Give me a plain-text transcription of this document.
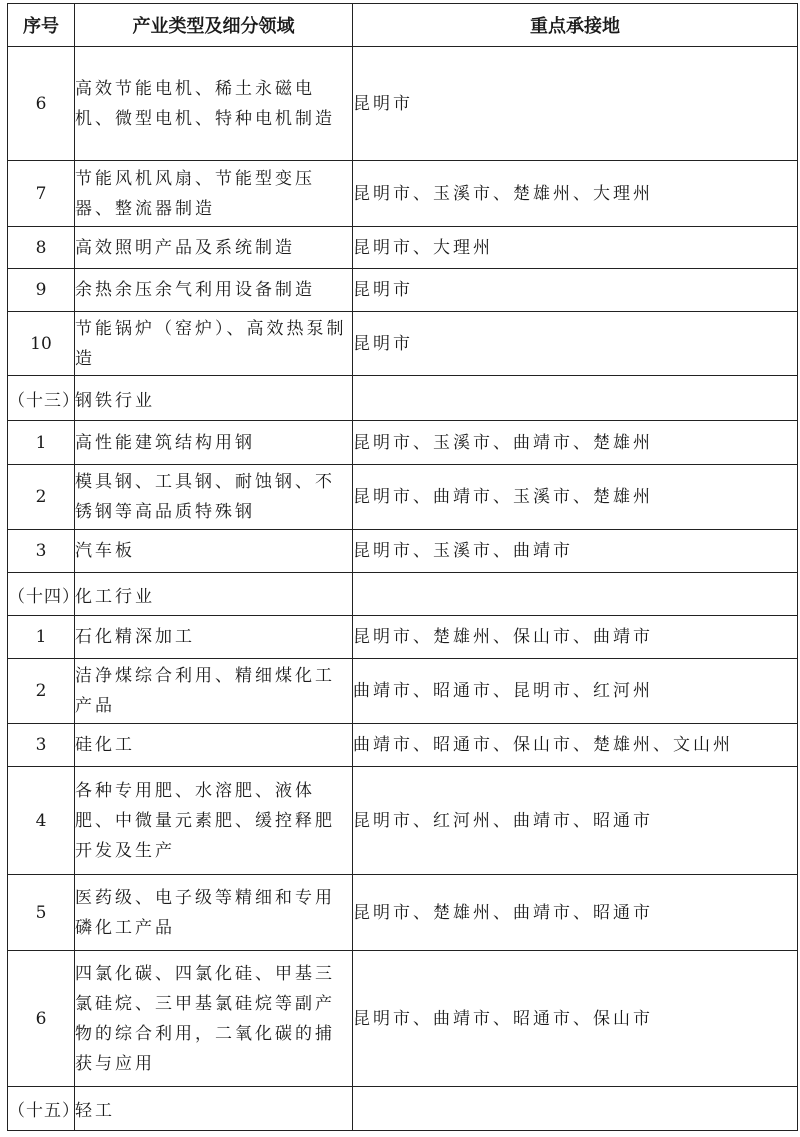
序号	产业类型及细分领域	重点承接地
6	高效节能电机、稀土永磁电机、微型电机、特种电机制造	昆明市
7	节能风机风扇、节能型变压器、整流器制造	昆明市、玉溪市、楚雄州、大理州
8	高效照明产品及系统制造	昆明市、大理州
9	余热余压余气利用设备制造	昆明市
10	节能锅炉（窑炉）、高效热泵制造	昆明市
（十三）	钢铁行业	
1	高性能建筑结构用钢	昆明市、玉溪市、曲靖市、楚雄州
2	模具钢、工具钢、耐蚀钢、不锈钢等高品质特殊钢	昆明市、曲靖市、玉溪市、楚雄州
3	汽车板	昆明市、玉溪市、曲靖市
（十四）	化工行业	
1	石化精深加工	昆明市、楚雄州、保山市、曲靖市
2	洁净煤综合利用、精细煤化工产品	曲靖市、昭通市、昆明市、红河州
3	硅化工	曲靖市、昭通市、保山市、楚雄州、文山州
4	各种专用肥、水溶肥、液体肥、中微量元素肥、缓控释肥开发及生产	昆明市、红河州、曲靖市、昭通市
5	医药级、电子级等精细和专用磷化工产品	昆明市、楚雄州、曲靖市、昭通市
6	四氯化碳、四氯化硅、甲基三氯硅烷、三甲基氯硅烷等副产物的综合利用，二氧化碳的捕获与应用	昆明市、曲靖市、昭通市、保山市
（十五）	轻工	
